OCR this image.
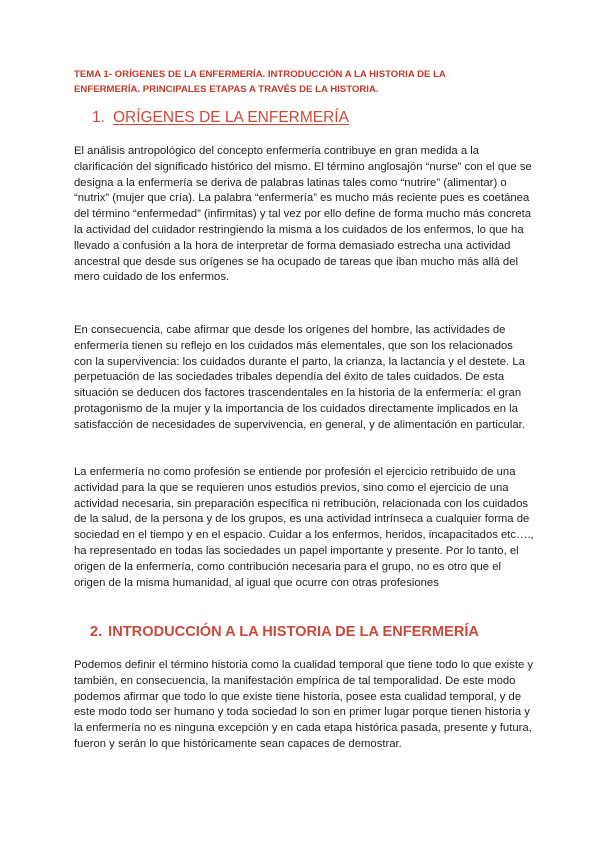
TEMA 1- ORÍGENES DE LA ENFERMERÍA. INTRODUCCIÓN A LA HISTORIA DE LA ENFERMERÍA. PRINCIPALES ETAPAS A TRAVÉS DE LA HISTORIA.
1. ORÍGENES DE LA ENFERMERÍA

El análisis antropológico del concepto enfermería contribuye en gran medida a la clarificación del significado histórico del mismo. El término anglosajón “nurse” con el que se designa a la enfermería se deriva de palabras latinas tales como “nutrire” (alimentar) o “nutrix” (mujer que cría). La palabra “enfermería” es mucho más reciente pues es coetánea del término “enfermedad” (infirmitas) y tal vez por ello define de forma mucho más concreta la actividad del cuidador restringiendo la misma a los cuidados de los enfermos, lo que ha llevado a confusión a la hora de interpretar de forma demasiado estrecha una actividad ancestral que desde sus orígenes se ha ocupado de tareas que iban mucho más allá del mero cuidado de los enfermos.

En consecuencia, cabe afirmar que desde los orígenes del hombre, las actividades de enfermería tienen su reflejo en los cuidados más elementales, que son los relacionados con la supervivencia: los cuidados durante el parto, la crianza, la lactancia y el destete. La perpetuación de las sociedades tribales dependía del éxito de tales cuidados. De esta situación se deducen dos factores trascendentales en la historia de la enfermería: el gran protagonismo de la mujer y la importancia de los cuidados directamente implicados en la satisfacción de necesidades de supervivencia, en general, y de alimentación en particular.

La enfermería no como profesión se entiende por profesión el ejercicio retribuido de una actividad para la que se requieren unos estudios previos, sino como el ejercicio de una actividad necesaria, sin preparación específica ni retribución, relacionada con los cuidados de la salud, de la persona y de los grupos, es una actividad intrínseca a cualquier forma de sociedad en el tiempo y en el espacio. Cuidar a los enfermos, heridos, incapacitados etc…., ha representado en todas las sociedades un papel importante y presente. Por lo tanto, el origen de la enfermería, como contribución necesaria para el grupo, no es otro que el origen de la misma humanidad, al igual que ocurre con otras profesiones

2. INTRODUCCIÓN A LA HISTORIA DE LA ENFERMERÍA

Podemos definir el término historia como la cualidad temporal que tiene todo lo que existe y también, en consecuencia, la manifestación empírica de tal temporalidad. De este modo podemos afirmar que todo lo que existe tiene historia, posee esta cualidad temporal, y de este modo todo ser humano y toda sociedad lo son en primer lugar porque tienen historia y la enfermería no es ninguna excepción y en cada etapa histórica pasada, presente y futura, fueron y serán lo que históricamente sean capaces de demostrar.
